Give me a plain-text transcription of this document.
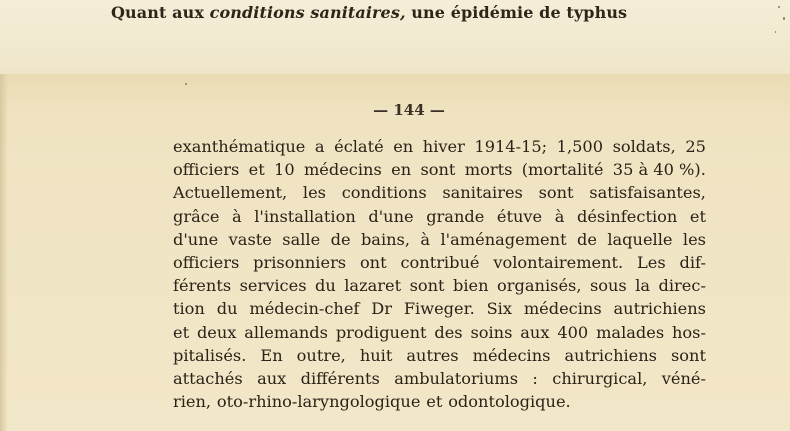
Quant aux conditions sanitaires, une épidémie de typhus
— 144 —
exanthématique a éclaté en hiver 1914-15; 1,500 soldats, 25
officiers et 10 médecins en sont morts (mortalité 35 à 40 %).
Actuellement, les conditions sanitaires sont satisfaisantes,
grâce à l'installation d'une grande étuve à désinfection et
d'une vaste salle de bains, à l'aménagement de laquelle les
officiers prisonniers ont contribué volontairement. Les dif-
férents services du lazaret sont bien organisés, sous la direc-
tion du médecin-chef Dr Fiweger. Six médecins autrichiens
et deux allemands prodiguent des soins aux 400 malades hos-
pitalisés. En outre, huit autres médecins autrichiens sont
attachés aux différents ambulatoriums : chirurgical, véné-
rien, oto-rhino-laryngologique et odontologique.
